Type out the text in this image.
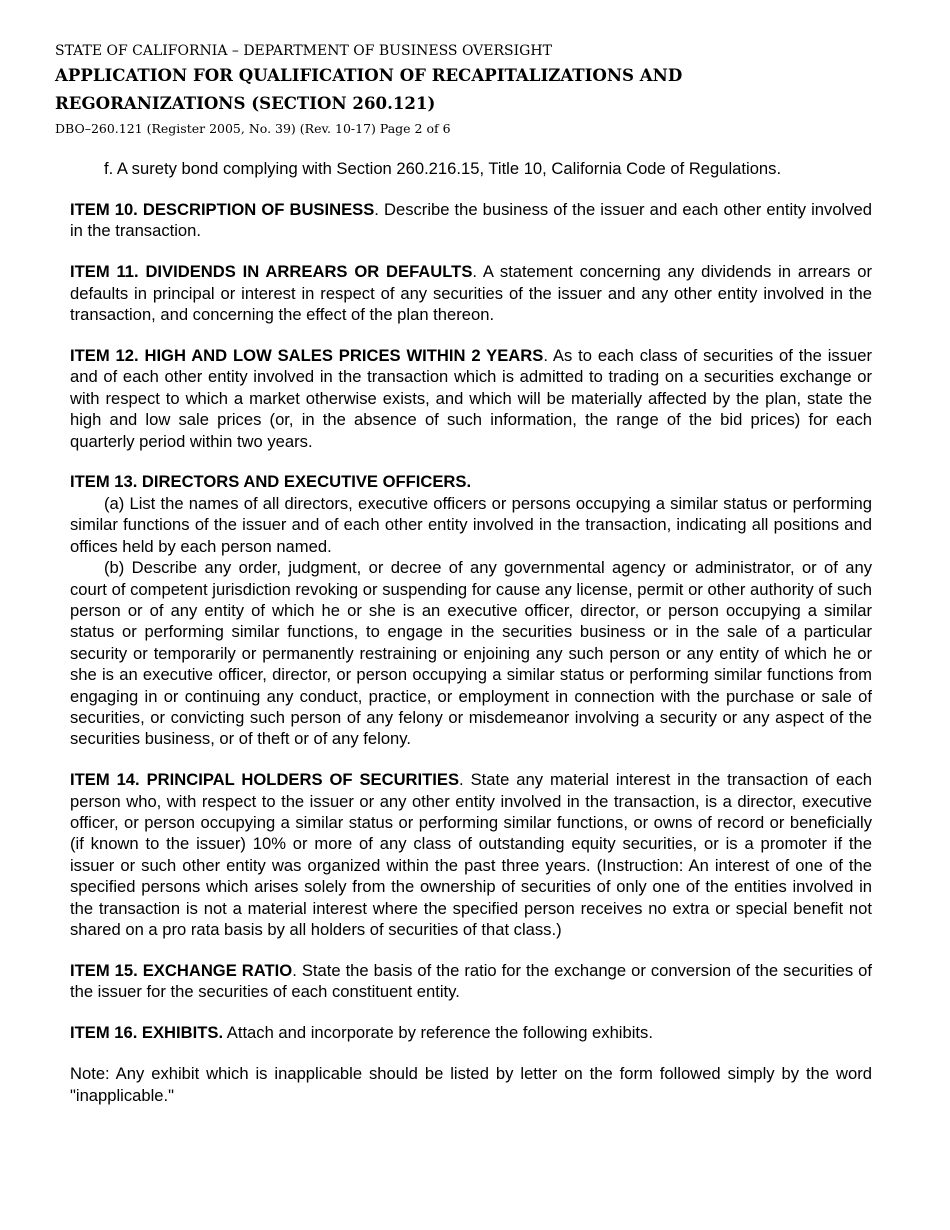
STATE OF CALIFORNIA – DEPARTMENT OF BUSINESS OVERSIGHT
APPLICATION FOR QUALIFICATION OF RECAPITALIZATIONS AND
REGORANIZATIONS (SECTION 260.121)
DBO–260.121 (Register 2005, No. 39) (Rev. 10-17) Page 2 of 6

f. A surety bond complying with Section 260.216.15, Title 10, California Code of Regulations.

ITEM 10. DESCRIPTION OF BUSINESS. Describe the business of the issuer and each other entity involved in the transaction.

ITEM 11. DIVIDENDS IN ARREARS OR DEFAULTS. A statement concerning any dividends in arrears or defaults in principal or interest in respect of any securities of the issuer and any other entity involved in the transaction, and concerning the effect of the plan thereon.

ITEM 12. HIGH AND LOW SALES PRICES WITHIN 2 YEARS. As to each class of securities of the issuer and of each other entity involved in the transaction which is admitted to trading on a securities exchange or with respect to which a market otherwise exists, and which will be materially affected by the plan, state the high and low sale prices (or, in the absence of such information, the range of the bid prices) for each quarterly period within two years.

ITEM 13. DIRECTORS AND EXECUTIVE OFFICERS.

(a) List the names of all directors, executive officers or persons occupying a similar status or performing similar functions of the issuer and of each other entity involved in the transaction, indicating all positions and offices held by each person named.

(b) Describe any order, judgment, or decree of any governmental agency or administrator, or of any court of competent jurisdiction revoking or suspending for cause any license, permit or other authority of such person or of any entity of which he or she is an executive officer, director, or person occupying a similar status or performing similar functions, to engage in the securities business or in the sale of a particular security or temporarily or permanently restraining or enjoining any such person or any entity of which he or she is an executive officer, director, or person occupying a similar status or performing similar functions from engaging in or continuing any conduct, practice, or employment in connection with the purchase or sale of securities, or convicting such person of any felony or misdemeanor involving a security or any aspect of the securities business, or of theft or of any felony.

ITEM 14. PRINCIPAL HOLDERS OF SECURITIES. State any material interest in the transaction of each person who, with respect to the issuer or any other entity involved in the transaction, is a director, executive officer, or person occupying a similar status or performing similar functions, or owns of record or beneficially (if known to the issuer) 10% or more of any class of outstanding equity securities, or is a promoter if the issuer or such other entity was organized within the past three years. (Instruction: An interest of one of the specified persons which arises solely from the ownership of securities of only one of the entities involved in the transaction is not a material interest where the specified person receives no extra or special benefit not shared on a pro rata basis by all holders of securities of that class.)

ITEM 15. EXCHANGE RATIO. State the basis of the ratio for the exchange or conversion of the securities of the issuer for the securities of each constituent entity.

ITEM 16. EXHIBITS. Attach and incorporate by reference the following exhibits.

Note: Any exhibit which is inapplicable should be listed by letter on the form followed simply by the word "inapplicable."
